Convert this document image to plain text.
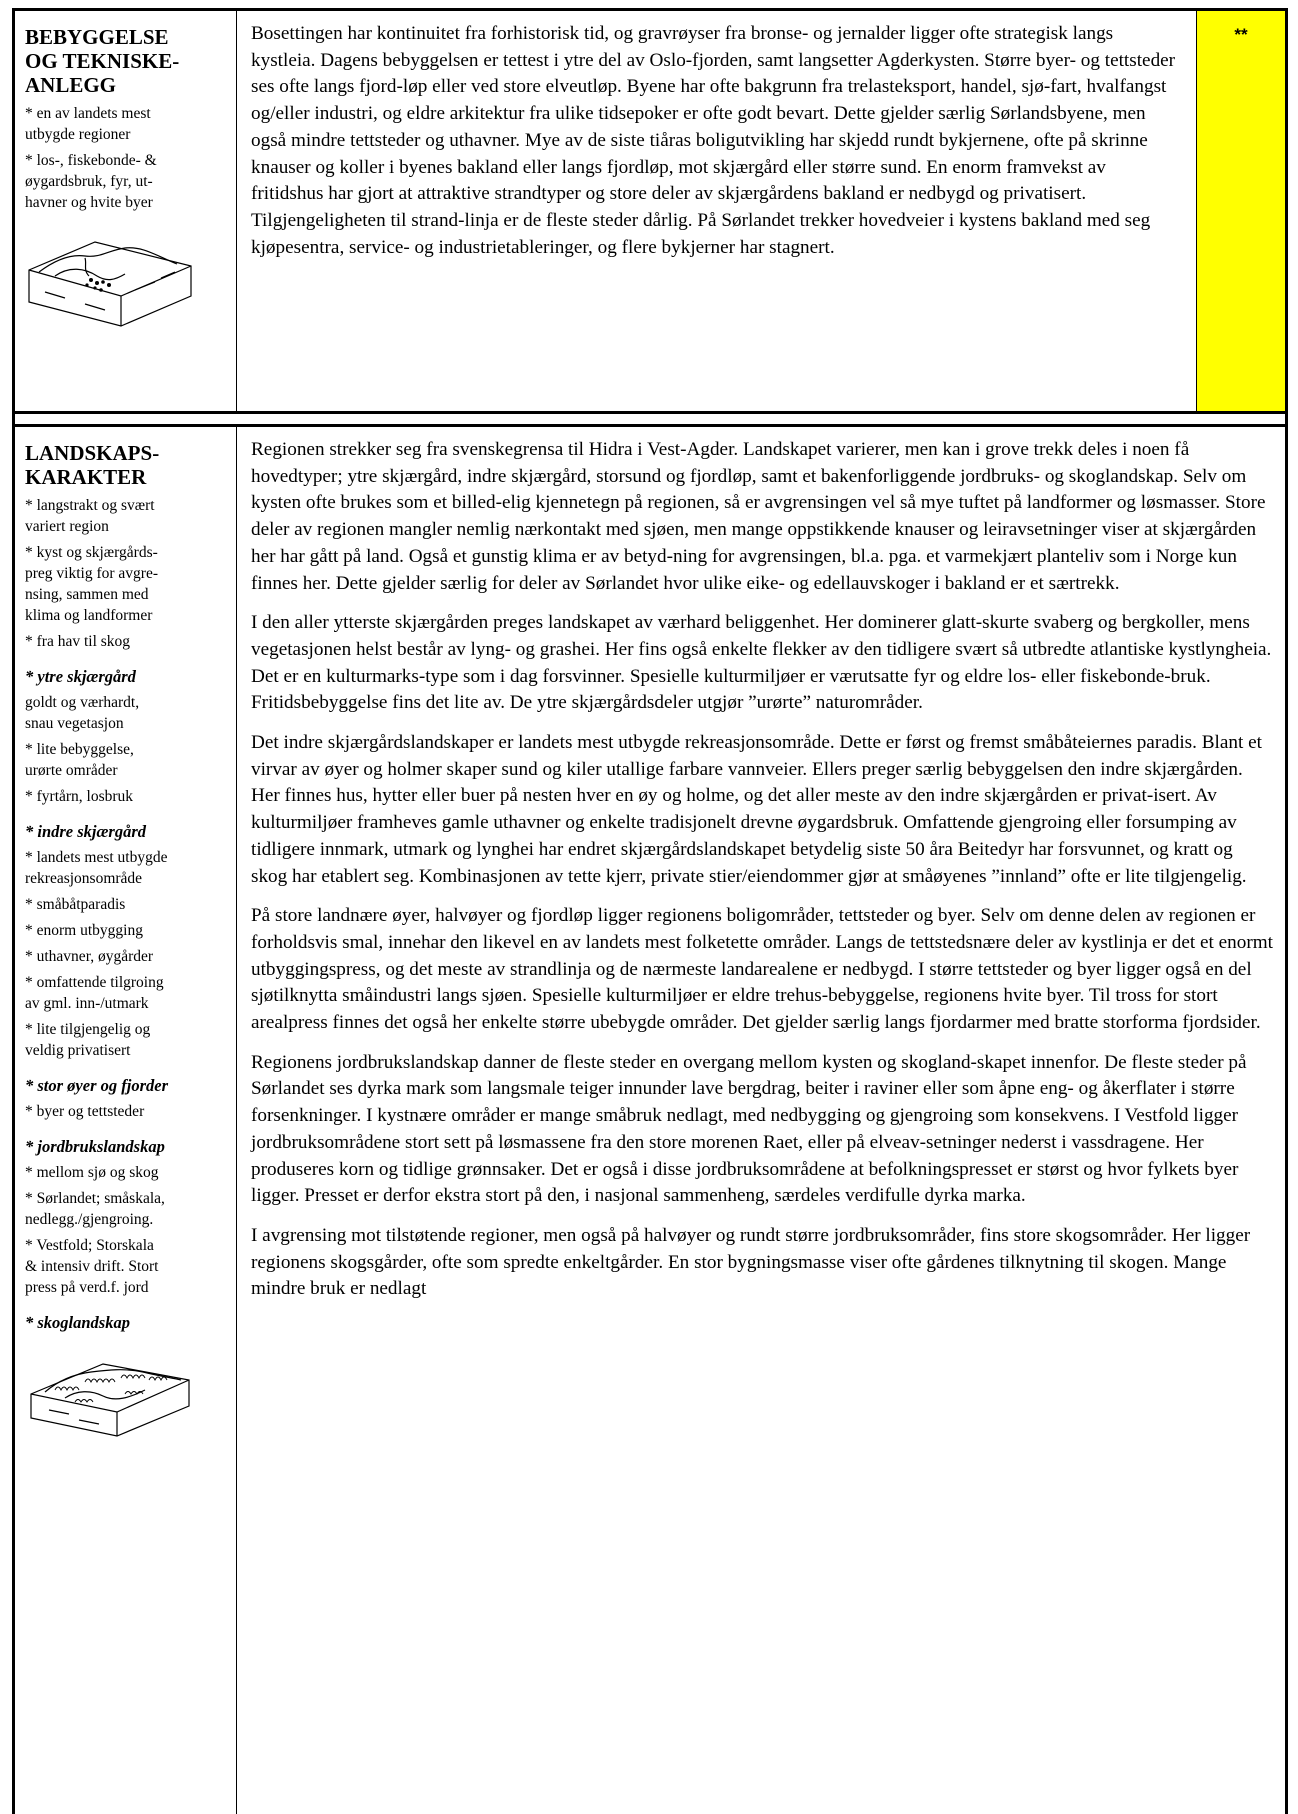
BEBYGGELSE
OG TEKNISKE-
ANLEGG
* en av landets mest
utbygde regioner
* los-, fiskebonde- &
øygardsbruk, fyr, ut-
havner og hvite byer

Bosettingen har kontinuitet fra forhistorisk tid, og gravrøyser fra bronse- og jernalder ligger ofte strategisk langs kystleia. Dagens bebyggelsen er tettest i ytre del av Oslo-fjorden, samt langsetter Agderkysten. Større byer- og tettsteder ses ofte langs fjord-løp eller ved store elveutløp. Byene har ofte bakgrunn fra trelasteksport, handel, sjø-fart, hvalfangst og/eller industri, og eldre arkitektur fra ulike tidsepoker er ofte godt bevart. Dette gjelder særlig Sørlandsbyene, men også mindre tettsteder og uthavner. Mye av de siste tiåras boligutvikling har skjedd rundt bykjernene, ofte på skrinne knauser og koller i byenes bakland eller langs fjordløp, mot skjærgård eller større sund. En enorm framvekst av fritidshus har gjort at attraktive strandtyper og store deler av skjærgårdens bakland er nedbygd og privatisert. Tilgjengeligheten til strand-linja er de fleste steder dårlig. På Sørlandet trekker hovedveier i kystens bakland med seg kjøpesentra, service- og industrietableringer, og flere bykjerner har stagnert.

**
LANDSKAPS-
KARAKTER
* langstrakt og svært
variert region
* kyst og skjærgårds-
preg viktig for avgre-
nsing, sammen med
klima og landformer
* fra hav til skog
* ytre skjærgård
goldt og værhardt,
snau vegetasjon
* lite bebyggelse,
urørte områder
* fyrtårn, losbruk
* indre skjærgård
* landets mest utbygde
rekreasjonsområde
* småbåtparadis
* enorm utbygging
* uthavner, øygårder
* omfattende tilgroing
av gml. inn-/utmark
* lite tilgjengelig og
veldig privatisert
* stor øyer og fjorder
* byer og tettsteder
* jordbrukslandskap
* mellom sjø og skog
* Sørlandet; småskala,
nedlegg./gjengroing.
* Vestfold; Storskala
& intensiv drift. Stort
press på verd.f. jord
* skoglandskap

Regionen strekker seg fra svenskegrensa til Hidra i Vest-Agder. Landskapet varierer, men kan i grove trekk deles i noen få hovedtyper; ytre skjærgård, indre skjærgård, storsund og fjordløp, samt et bakenforliggende jordbruks- og skoglandskap. Selv om kysten ofte brukes som et billed-elig kjennetegn på regionen, så er avgrensingen vel så mye tuftet på landformer og løsmasser. Store deler av regionen mangler nemlig nærkontakt med sjøen, men mange oppstikkende knauser og leiravsetninger viser at skjærgården her har gått på land. Også et gunstig klima er av betyd-ning for avgrensingen, bl.a. pga. et varmekjært planteliv som i Norge kun finnes her. Dette gjelder særlig for deler av Sørlandet hvor ulike eike- og edellauvskoger i bakland er et særtrekk.

I den aller ytterste skjærgården preges landskapet av værhard beliggenhet. Her dominerer glatt-skurte svaberg og bergkoller, mens vegetasjonen helst består av lyng- og grashei. Her fins også enkelte flekker av den tidligere svært så utbredte atlantiske kystlyngheia. Det er en kulturmarks-type som i dag forsvinner. Spesielle kulturmiljøer er værutsatte fyr og eldre los- eller fiskebonde-bruk. Fritidsbebyggelse fins det lite av. De ytre skjærgårdsdeler utgjør ”urørte” naturområder.

Det indre skjærgårdslandskaper er landets mest utbygde rekreasjonsområde. Dette er først og fremst småbåteiernes paradis. Blant et virvar av øyer og holmer skaper sund og kiler utallige farbare vannveier. Ellers preger særlig bebyggelsen den indre skjærgården. Her finnes hus, hytter eller buer på nesten hver en øy og holme, og det aller meste av den indre skjærgården er privat-isert. Av kulturmiljøer framheves gamle uthavner og enkelte tradisjonelt drevne øygardsbruk. Omfattende gjengroing eller forsumping av tidligere innmark, utmark og lynghei har endret skjærgårdslandskapet betydelig siste 50 åra Beitedyr har forsvunnet, og kratt og skog har etablert seg. Kombinasjonen av tette kjerr, private stier/eiendommer gjør at småøyenes ”innland” ofte er lite tilgjengelig.

På store landnære øyer, halvøyer og fjordløp ligger regionens boligområder, tettsteder og byer. Selv om denne delen av regionen er forholdsvis smal, innehar den likevel en av landets mest folketette områder. Langs de tettstedsnære deler av kystlinja er det et enormt utbyggingspress, og det meste av strandlinja og de nærmeste landarealene er nedbygd. I større tettsteder og byer ligger også en del sjøtilknytta småindustri langs sjøen. Spesielle kulturmiljøer er eldre trehus-bebyggelse, regionens hvite byer. Til tross for stort arealpress finnes det også her enkelte større ubebygde områder. Det gjelder særlig langs fjordarmer med bratte storforma fjordsider.

Regionens jordbrukslandskap danner de fleste steder en overgang mellom kysten og skogland-skapet innenfor. De fleste steder på Sørlandet ses dyrka mark som langsmale teiger innunder lave bergdrag, beiter i raviner eller som åpne eng- og åkerflater i større forsenkninger. I kystnære områder er mange småbruk nedlagt, med nedbygging og gjengroing som konsekvens. I Vestfold ligger jordbruksområdene stort sett på løsmassene fra den store morenen Raet, eller på elveav-setninger nederst i vassdragene. Her produseres korn og tidlige grønnsaker. Det er også i disse jordbruksområdene at befolkningspresset er størst og hvor fylkets byer ligger. Presset er derfor ekstra stort på den, i nasjonal sammenheng, særdeles verdifulle dyrka marka.

I avgrensing mot tilstøtende regioner, men også på halvøyer og rundt større jordbruksområder, fins store skogsområder. Her ligger regionens skogsgårder, ofte som spredte enkeltgårder. En stor bygningsmasse viser ofte gårdenes tilknytning til skogen. Mange mindre bruk er nedlagt
